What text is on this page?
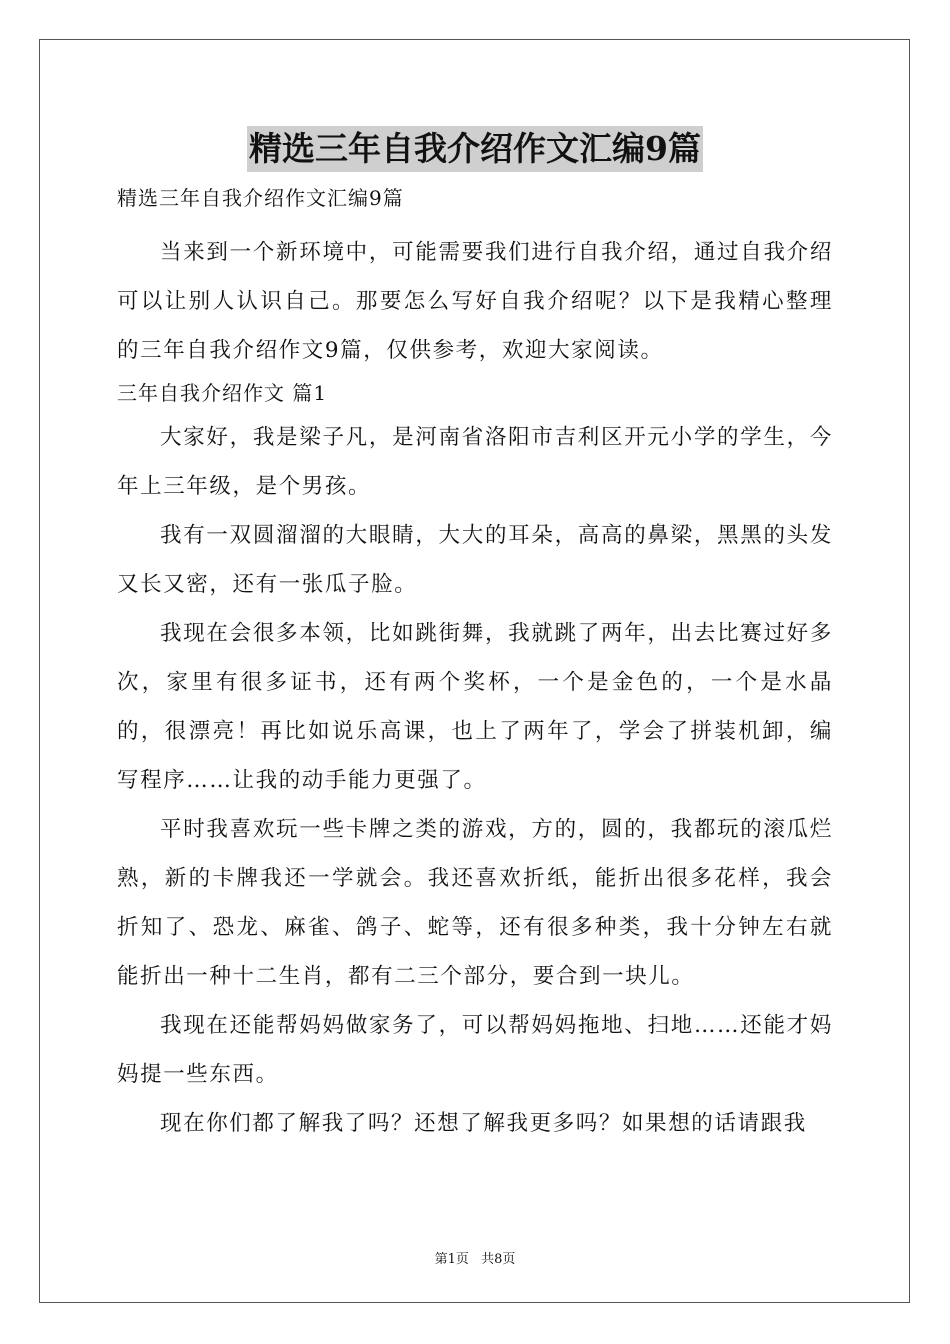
精选三年自我介绍作文汇编9篇

精选三年自我介绍作文汇编9篇

当来到一个新环境中，可能需要我们进行自我介绍，通过自我介绍可以让别人认识自己。那要怎么写好自我介绍呢？以下是我精心整理的三年自我介绍作文9篇，仅供参考，欢迎大家阅读。

三年自我介绍作文 篇1

大家好，我是梁子凡，是河南省洛阳市吉利区开元小学的学生，今年上三年级，是个男孩。

我有一双圆溜溜的大眼睛，大大的耳朵，高高的鼻梁，黑黑的头发又长又密，还有一张瓜子脸。

我现在会很多本领，比如跳街舞，我就跳了两年，出去比赛过好多次，家里有很多证书，还有两个奖杯，一个是金色的，一个是水晶的，很漂亮！再比如说乐高课，也上了两年了，学会了拼装机卸，编写程序……让我的动手能力更强了。

平时我喜欢玩一些卡牌之类的游戏，方的，圆的，我都玩的滚瓜烂熟，新的卡牌我还一学就会。我还喜欢折纸，能折出很多花样，我会折知了、恐龙、麻雀、鸽子、蛇等，还有很多种类，我十分钟左右就能折出一种十二生肖，都有二三个部分，要合到一块儿。

我现在还能帮妈妈做家务了，可以帮妈妈拖地、扫地……还能才妈妈提一些东西。

现在你们都了解我了吗？还想了解我更多吗？如果想的话请跟我

第1页 共8页
